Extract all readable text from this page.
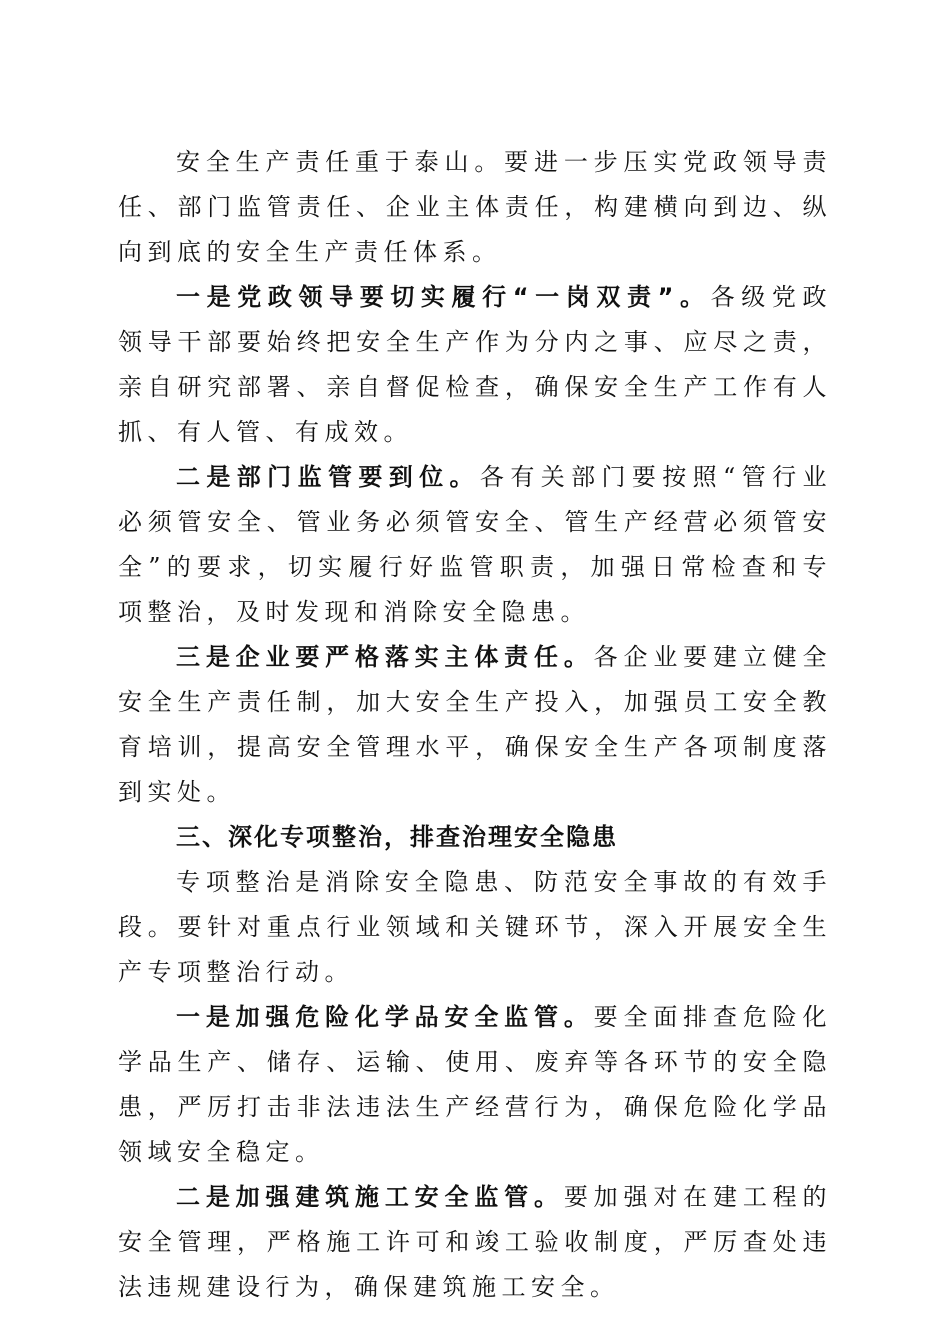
安全生产责任重于泰山。要进一步压实党政领导责任、部门监管责任、企业主体责任，构建横向到边、纵向到底的安全生产责任体系。

一是党政领导要切实履行“一岗双责”。各级党政领导干部要始终把安全生产作为分内之事、应尽之责，亲自研究部署、亲自督促检查，确保安全生产工作有人抓、有人管、有成效。

二是部门监管要到位。各有关部门要按照“管行业必须管安全、管业务必须管安全、管生产经营必须管安全”的要求，切实履行好监管职责，加强日常检查和专项整治，及时发现和消除安全隐患。

三是企业要严格落实主体责任。各企业要建立健全安全生产责任制，加大安全生产投入，加强员工安全教育培训，提高安全管理水平，确保安全生产各项制度落到实处。

三、深化专项整治，排查治理安全隐患

专项整治是消除安全隐患、防范安全事故的有效手段。要针对重点行业领域和关键环节，深入开展安全生产专项整治行动。

一是加强危险化学品安全监管。要全面排查危险化学品生产、储存、运输、使用、废弃等各环节的安全隐患，严厉打击非法违法生产经营行为，确保危险化学品领域安全稳定。

二是加强建筑施工安全监管。要加强对在建工程的安全管理，严格施工许可和竣工验收制度，严厉查处违法违规建设行为，确保建筑施工安全。
